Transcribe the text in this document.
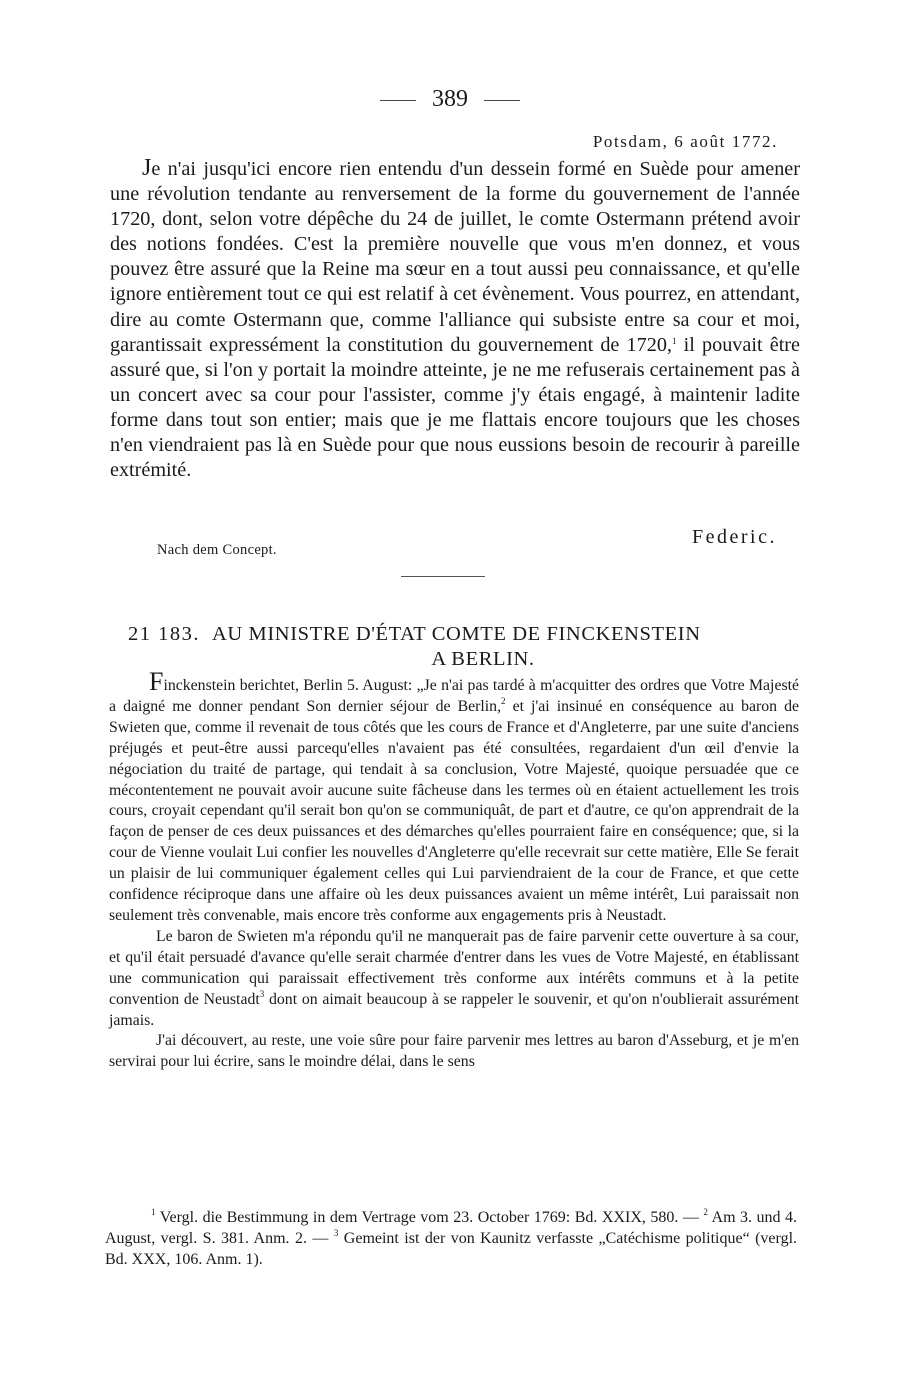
389
Potsdam, 6 août 1772.

Je n'ai jusqu'ici encore rien entendu d'un dessein formé en Suède pour amener une révolution tendante au renversement de la forme du gouvernement de l'année 1720, dont, selon votre dépêche du 24 de juillet, le comte Ostermann prétend avoir des notions fondées. C'est la première nouvelle que vous m'en donnez, et vous pouvez être assuré que la Reine ma sœur en a tout aussi peu connaissance, et qu'elle ignore entièrement tout ce qui est relatif à cet évènement. Vous pourrez, en attendant, dire au comte Ostermann que, comme l'alliance qui subsiste entre sa cour et moi, garantissait expressément la constitution du gouvernement de 1720,$^1$ il pouvait être assuré que, si l'on y portait la moindre atteinte, je ne me refuserais certainement pas à un concert avec sa cour pour l'assister, comme j'y étais engagé, à maintenir ladite forme dans tout son entier; mais que je me flattais encore toujours que les choses n'en viendraient pas là en Suède pour que nous eussions besoin de recourir à pareille extrémité.

Federic.
Nach dem Concept.
21 183. AU MINISTRE D'ÉTAT COMTE DE FINCKENSTEIN
A BERLIN.

Finckenstein berichtet, Berlin 5. August: „Je n'ai pas tardé à m'acquitter des ordres que Votre Majesté a daigné me donner pendant Son dernier séjour de Berlin,$^2$ et j'ai insinué en conséquence au baron de Swieten que, comme il revenait de tous côtés que les cours de France et d'Angleterre, par une suite d'anciens préjugés et peut-être aussi parcequ'elles n'avaient pas été consultées, regardaient d'un œil d'envie la négociation du traité de partage, qui tendait à sa conclusion, Votre Majesté, quoique persuadée que ce mécontentement ne pouvait avoir aucune suite fâcheuse dans les termes où en étaient actuellement les trois cours, croyait cependant qu'il serait bon qu'on se communiquât, de part et d'autre, ce qu'on apprendrait de la façon de penser de ces deux puissances et des démarches qu'elles pourraient faire en conséquence; que, si la cour de Vienne voulait Lui confier les nouvelles d'Angleterre qu'elle recevrait sur cette matière, Elle Se ferait un plaisir de lui communiquer également celles qui Lui parviendraient de la cour de France, et que cette confidence réciproque dans une affaire où les deux puissances avaient un même intérêt, Lui paraissait non seulement très convenable, mais encore très conforme aux engagements pris à Neustadt.

Le baron de Swieten m'a répondu qu'il ne manquerait pas de faire parvenir cette ouverture à sa cour, et qu'il était persuadé d'avance qu'elle serait charmée d'entrer dans les vues de Votre Majesté, en établissant une communication qui paraissait effectivement très conforme aux intérêts communs et à la petite convention de Neustadt$^3$ dont on aimait beaucoup à se rappeler le souvenir, et qu'on n'oublierait assurément jamais.

J'ai découvert, au reste, une voie sûre pour faire parvenir mes lettres au baron d'Asseburg, et je m'en servirai pour lui écrire, sans le moindre délai, dans le sens

$^1$ Vergl. die Bestimmung in dem Vertrage vom 23. October 1769: Bd. XXIX, 580. — $^2$ Am 3. und 4. August, vergl. S. 381. Anm. 2. — $^3$ Gemeint ist der von Kaunitz verfasste „Catéchisme politique“ (vergl. Bd. XXX, 106. Anm. 1).
